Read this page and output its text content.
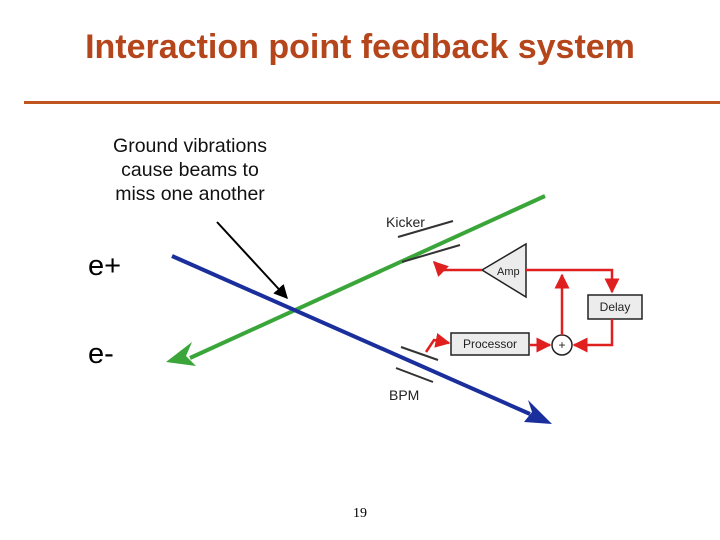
Interaction point feedback system
Ground vibrations
cause beams to
miss one another
e+
e-
Kicker
BPM
Amp
Processor	+
Delay
19
